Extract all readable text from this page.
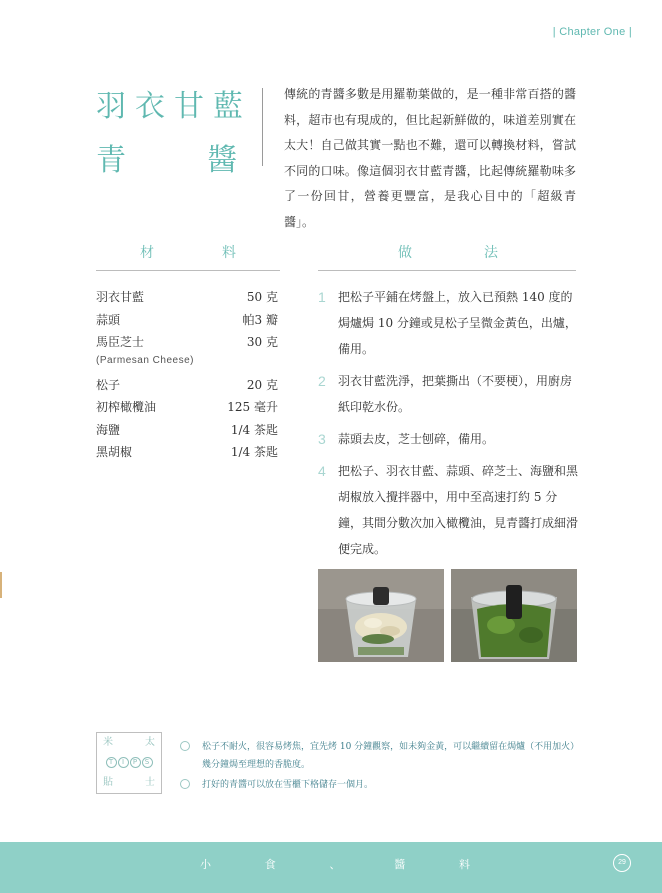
| Chapter One |
羽衣甘藍
青 醬

傳統的青醬多數是用羅勒葉做的，是一種非常百搭的醬料，超市也有現成的，但比起新鮮做的，味道差別實在太大！自己做其實一點也不難，還可以轉換材料，嘗試不同的口味。像這個羽衣甘藍青醬，比起傳統羅勒味多了一份回甘，營養更豐富，是我心目中的「超級青醬」。

材	料	做	法
羽衣甘藍	50 克
蒜頭	帕3 瓣
馬臣芝士	30 克
(Parmesan Cheese)
松子	20 克
初榨橄欖油	125 毫升
海鹽	1/4 茶匙
黑胡椒	1/4 茶匙
1	把松子平鋪在烤盤上，放入已預熱 140 度的焗爐焗 10 分鐘或見松子呈微金黃色，出爐，備用。
2	羽衣甘藍洗淨，把葉撕出（不要梗），用廚房紙印乾水份。
3	蒜頭去皮，芝士刨碎，備用。
4	把松子、羽衣甘藍、蒜頭、碎芝士、海鹽和黑胡椒放入攪拌器中，用中至高速打約 5 分鐘，其間分數次加入橄欖油，見青醬打成細滑便完成。
米	太
T	I	P	S
貼	士
松子不耐火，很容易烤焦，宜先烤 10 分鐘觀察，如未夠金黃，可以繼續留在焗爐（不用加火）幾分鐘焗至理想的香脆度。
打好的青醬可以放在雪櫃下格儲存一個月。
小	食	、	醬	料	29
